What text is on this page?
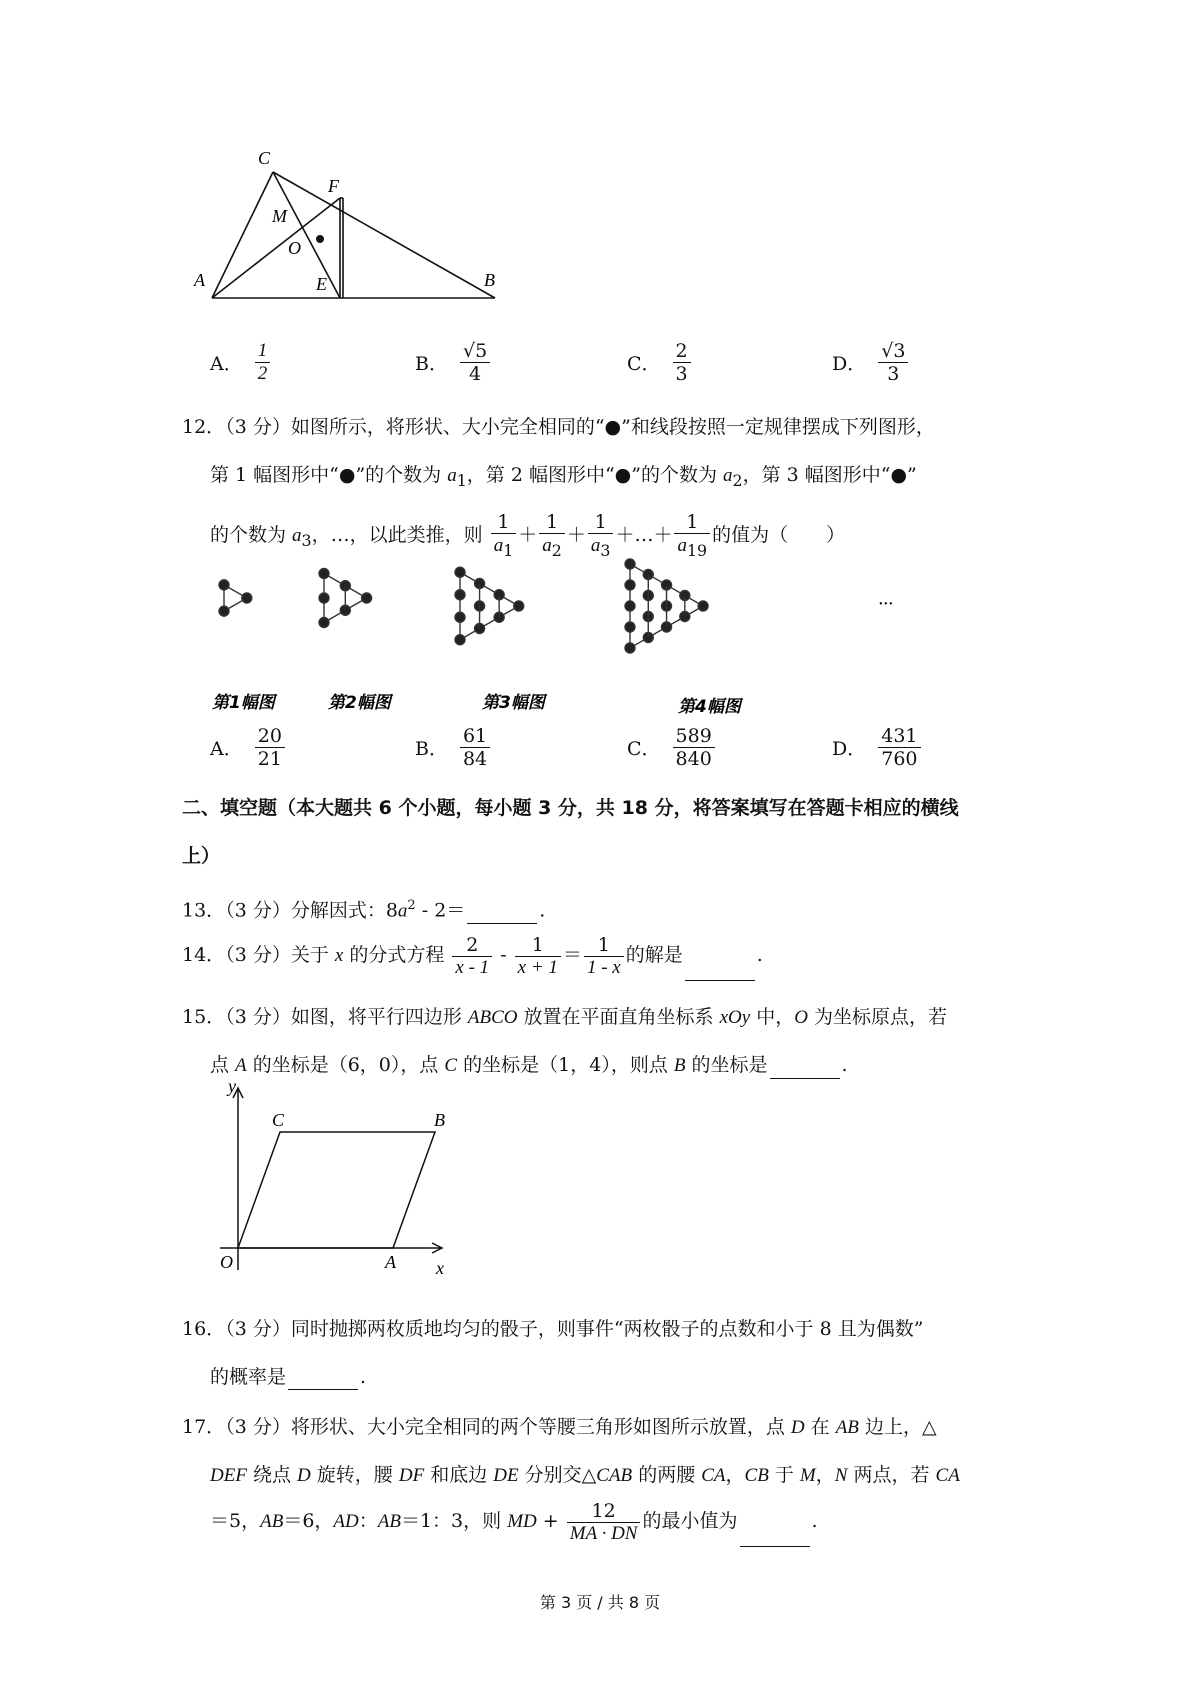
C
F
M
O
A	E	B
A． $\frac{1}{2}$	B． $\frac{√5}{4}$	C． $\frac{2}{3}$	D． $\frac{√3}{3}$
12．（3 分）如图所示，将形状、大小完全相同的“●”和线段按照一定规律摆成下列图形，
第 1 幅图形中“●”的个数为 $a_1$，第 2 幅图形中“●”的个数为 $a_2$，第 3 幅图形中“●”
的个数为 $a_3$，…，以此类推，则 $\frac{1}{a_1} + \frac{1}{a_2} + \frac{1}{a_3}$ ＋…＋ $\frac{1}{a_{19}}$ 的值为（　　）
第1幅图	第2幅图	第3幅图	第4幅图
···
A． $\frac{20}{21}$	B． $\frac{61}{84}$	C． $\frac{589}{840}$	D． $\frac{431}{760}$
二、填空题（本大题共 6 个小题，每小题 3 分，共 18 分，将答案填写在答题卡相应的横线
上）
13．（3 分）分解因式：$8a^2 - 2=$	.
14．（3 分）关于 x 的分式方程 $\frac{2}{x - 1} - \frac{1}{x + 1} = \frac{1}{1 - x}$ 的解是	.
15．（3 分）如图，将平行四边形 ABCO 放置在平面直角坐标系 xOy 中，O 为坐标原点，若
点 A 的坐标是（6，0），点 C 的坐标是（1，4），则点 B 的坐标是	.
y
x
C	B
O	A
16．（3 分）同时抛掷两枚质地均匀的骰子，则事件“两枚骰子的点数和小于 8 且为偶数”
的概率是	.
17．（3 分）将形状、大小完全相同的两个等腰三角形如图所示放置，点 D 在 AB 边上，△
DEF 绕点 D 旋转，腰 DF 和底边 DE 分别交△CAB 的两腰 CA，CB 于 M，N 两点，若 CA
＝5，AB＝6，AD：AB＝1：3，则 MD + $\frac{12}{MA \cdot DN}$ 的最小值为	.
第 3 页 / 共 8 页
